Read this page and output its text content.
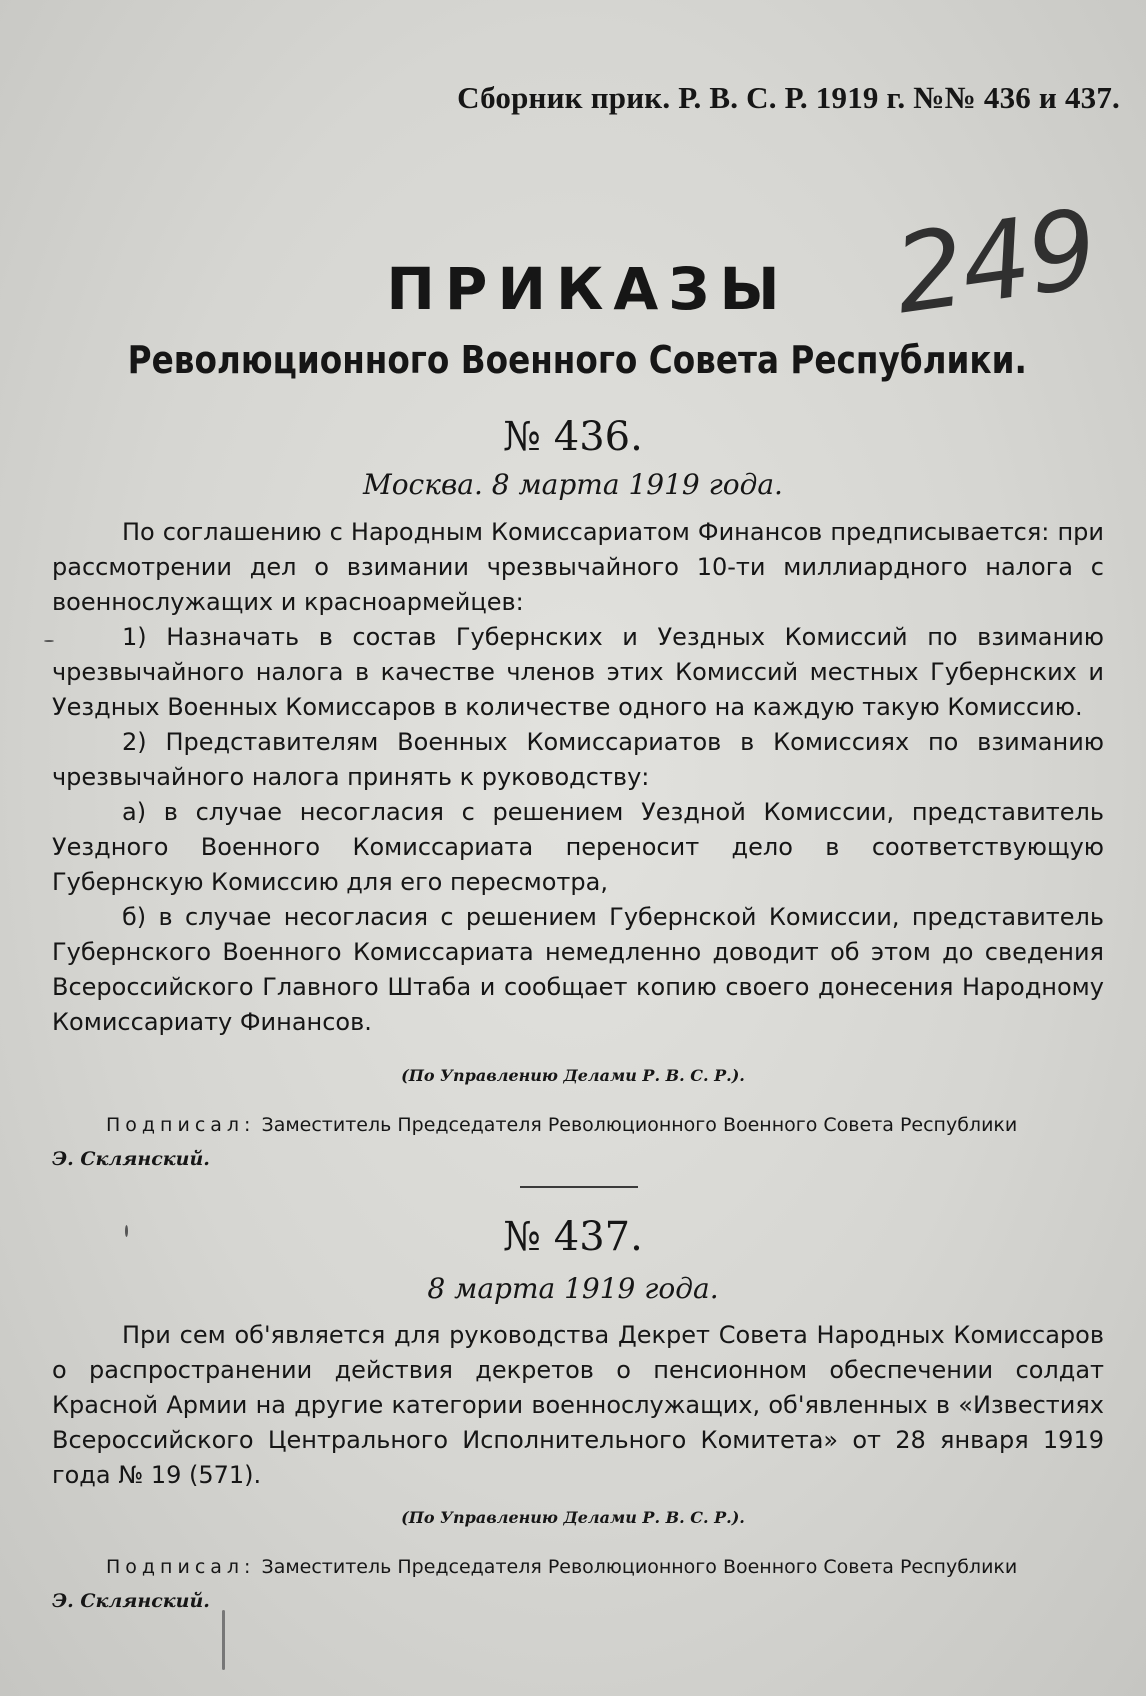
Сборник прик. Р. В. С. Р. 1919 г. №№ 436 и 437.
249
ПРИКАЗЫ
Революционного Военного Совета Республики.
№ 436.
Москва. 8 марта 1919 года.

По соглашению с Народным Комиссариатом Финансов предписывается: при рассмотрении дел о взимании чрезвычайного 10-ти миллиардного налога с военнослужащих и красноармейцев:

1) Назначать в состав Губернских и Уездных Комиссий по взиманию чрезвычайного налога в качестве членов этих Комиссий местных Губернских и Уездных Военных Комиссаров в количестве одного на каждую такую Комиссию.

2) Представителям Военных Комиссариатов в Комиссиях по взиманию чрезвычайного налога принять к руководству:

а) в случае несогласия с решением Уездной Комиссии, представитель Уездного Военного Комиссариата переносит дело в соответствующую Губернскую Комиссию для его пересмотра,

б) в случае несогласия с решением Губернской Комиссии, представитель Губернского Военного Комиссариата немедленно доводит об этом до сведения Всероссийского Главного Штаба и сообщает копию своего донесения Народному Комиссариату Финансов.

(По Управлению Делами Р. В. С. Р.).
Подписал: Заместитель Председателя Революционного Военного Совета Республики
Э. Склянский.
№ 437.
8 марта 1919 года.

При сем об'является для руководства Декрет Совета Народных Комиссаров о распространении действия декретов о пенсионном обеспечении солдат Красной Армии на другие категории военнослужащих, об'явленных в «Известиях Всероссийского Центрального Исполнительного Комитета» от 28 января 1919 года № 19 (571).

(По Управлению Делами Р. В. С. Р.).
Подписал: Заместитель Председателя Революционного Военного Совета Республики
Э. Склянский.
